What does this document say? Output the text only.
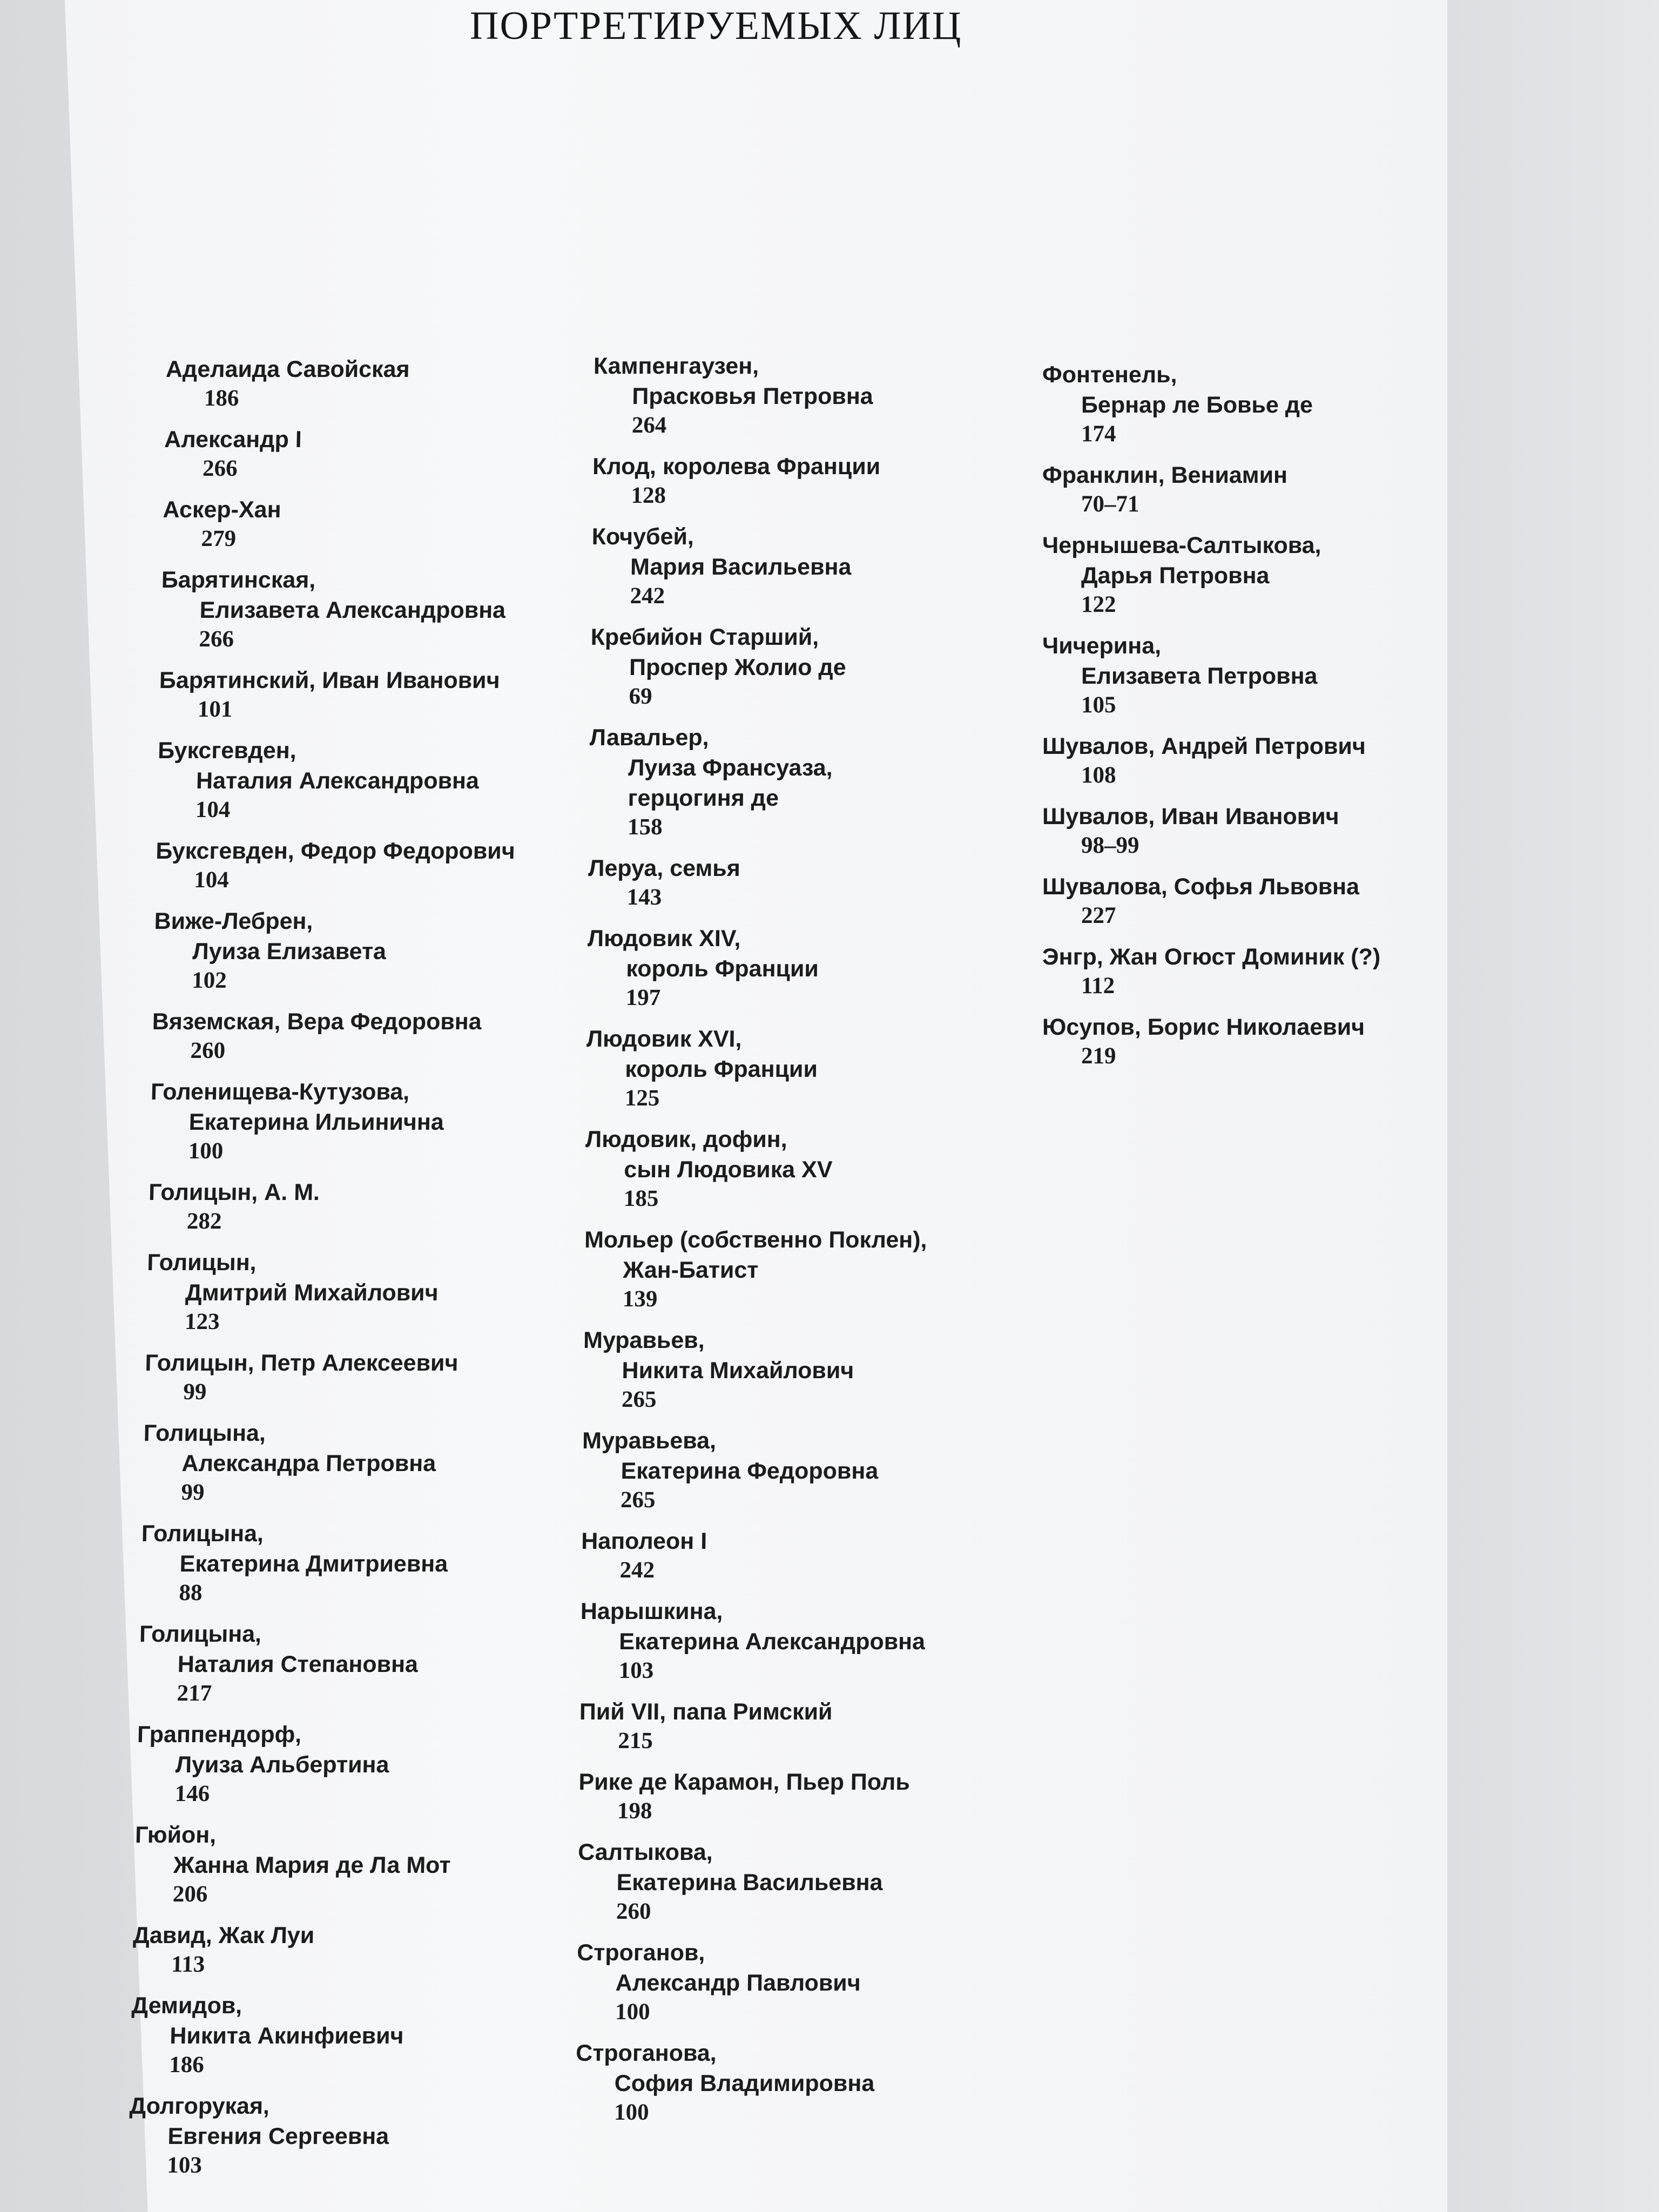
ПОРТРЕТИРУЕМЫХ ЛИЦ
Аделаида Савойская
186
Александр I
266
Аскер-Хан
279
Барятинская,
Елизавета Александровна
266
Барятинский, Иван Иванович
101
Буксгевден,
Наталия Александровна
104
Буксгевден, Федор Федорович
104
Виже-Лебрен,
Луиза Елизавета
102
Вяземская, Вера Федоровна
260
Голенищева-Кутузова,
Екатерина Ильинична
100
Голицын, А. М.
282
Голицын,
Дмитрий Михайлович
123
Голицын, Петр Алексеевич
99
Голицына,
Александра Петровна
99
Голицына,
Екатерина Дмитриевна
88
Голицына,
Наталия Степановна
217
Граппендорф,
Луиза Альбертина
146
Гюйон,
Жанна Мария де Ла Мот
206
Давид, Жак Луи
113
Демидов,
Никита Акинфиевич
186
Долгорукая,
Евгения Сергеевна
103
Кампенгаузен,
Прасковья Петровна
264
Клод, королева Франции
128
Кочубей,
Мария Васильевна
242
Кребийон Старший,
Проспер Жолио де
69
Лавальер,
Луиза Франсуаза,
герцогиня де
158
Леруа, семья
143
Людовик XIV,
король Франции
197
Людовик XVI,
король Франции
125
Людовик, дофин,
сын Людовика XV
185
Мольер (собственно Поклен),
Жан-Батист
139
Муравьев,
Никита Михайлович
265
Муравьева,
Екатерина Федоровна
265
Наполеон I
242
Нарышкина,
Екатерина Александровна
103
Пий VII, папа Римский
215
Рике де Карамон, Пьер Поль
198
Салтыкова,
Екатерина Васильевна
260
Строганов,
Александр Павлович
100
Строганова,
София Владимировна
100
Фонтенель,
Бернар ле Бовье де
174
Франклин, Вениамин
70–71
Чернышева-Салтыкова,
Дарья Петровна
122
Чичерина,
Елизавета Петровна
105
Шувалов, Андрей Петрович
108
Шувалов, Иван Иванович
98–99
Шувалова, Софья Львовна
227
Энгр, Жан Огюст Доминик (?)
112
Юсупов, Борис Николаевич
219
